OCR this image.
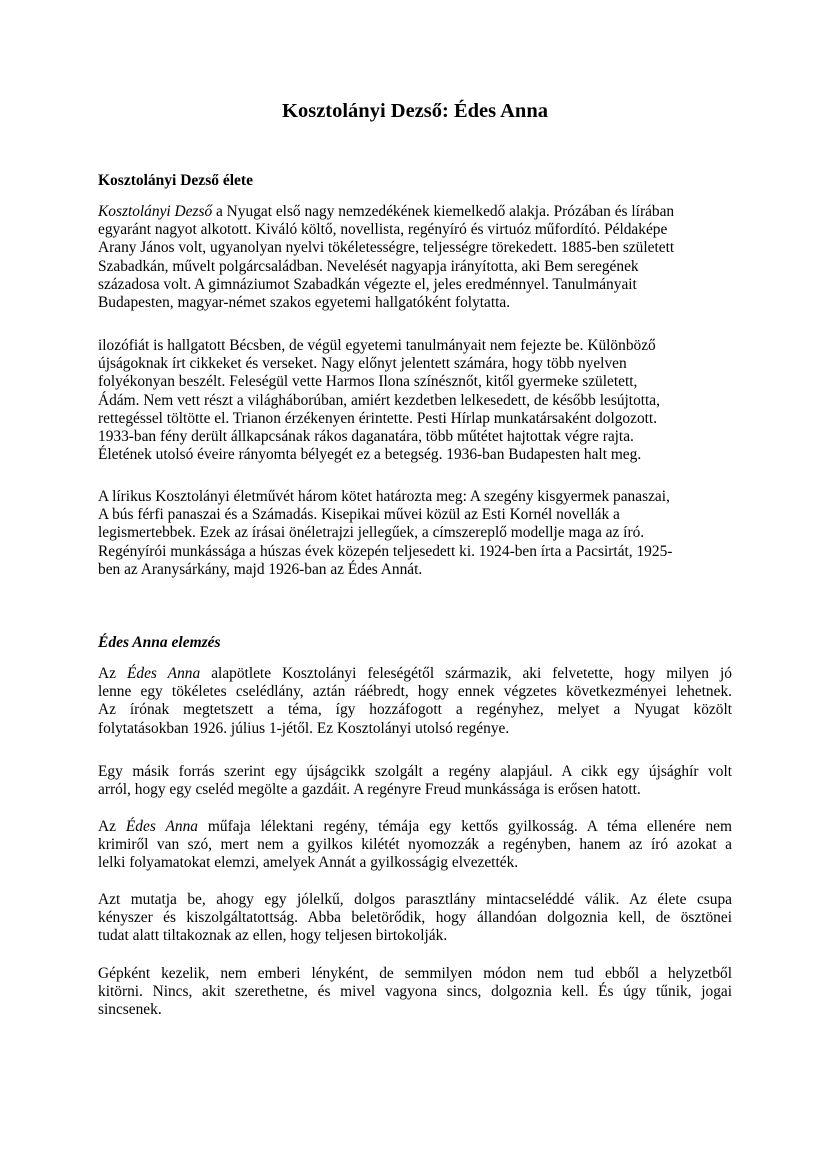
Kosztolányi Dezső: Édes Anna
Kosztolányi Dezső élete
Kosztolányi Dezső a Nyugat első nagy nemzedékének kiemelkedő alakja. Prózában és lírában
egyaránt nagyot alkotott. Kiváló költő, novellista, regényíró és virtuóz műfordító. Példaképe
Arany János volt, ugyanolyan nyelvi tökéletességre, teljességre törekedett. 1885-ben született
Szabadkán, művelt polgárcsaládban. Nevelését nagyapja irányította, aki Bem seregének
századosa volt. A gimnáziumot Szabadkán végezte el, jeles eredménnyel. Tanulmányait
Budapesten, magyar-német szakos egyetemi hallgatóként folytatta.
ilozófiát is hallgatott Bécsben, de végül egyetemi tanulmányait nem fejezte be. Különböző
újságoknak írt cikkeket és verseket. Nagy előnyt jelentett számára, hogy több nyelven
folyékonyan beszélt. Feleségül vette Harmos Ilona színésznőt, kitől gyermeke született,
Ádám. Nem vett részt a világháborúban, amiért kezdetben lelkesedett, de később lesújtotta,
rettegéssel töltötte el. Trianon érzékenyen érintette. Pesti Hírlap munkatársaként dolgozott.
1933-ban fény derült állkapcsának rákos daganatára, több műtétet hajtottak végre rajta.
Életének utolsó éveire rányomta bélyegét ez a betegség. 1936-ban Budapesten halt meg.
A lírikus Kosztolányi életművét három kötet határozta meg: A szegény kisgyermek panaszai,
A bús férfi panaszai és a Számadás. Kisepikai művei közül az Esti Kornél novellák a
legismertebbek. Ezek az írásai önéletrajzi jellegűek, a címszereplő modellje maga az író.
Regényírói munkássága a húszas évek közepén teljesedett ki. 1924-ben írta a Pacsirtát, 1925-
ben az Aranysárkány, majd 1926-ban az Édes Annát.
Édes Anna elemzés
Az Édes Anna alapötlete Kosztolányi feleségétől származik, aki felvetette, hogy milyen jó
lenne egy tökéletes cselédlány, aztán ráébredt, hogy ennek végzetes következményei lehetnek.
Az írónak megtetszett a téma, így hozzáfogott a regényhez, melyet a Nyugat közölt
folytatásokban 1926. július 1-jétől. Ez Kosztolányi utolsó regénye.
Egy másik forrás szerint egy újságcikk szolgált a regény alapjául. A cikk egy újsághír volt
arról, hogy egy cseléd megölte a gazdáit. A regényre Freud munkássága is erősen hatott.
Az Édes Anna műfaja lélektani regény, témája egy kettős gyilkosság. A téma ellenére nem
krimiről van szó, mert nem a gyilkos kilétét nyomozzák a regényben, hanem az író azokat a
lelki folyamatokat elemzi, amelyek Annát a gyilkosságig elvezették.
Azt mutatja be, ahogy egy jólelkű, dolgos parasztlány mintacseléddé válik. Az élete csupa
kényszer és kiszolgáltatottság. Abba beletörődik, hogy állandóan dolgoznia kell, de ösztönei
tudat alatt tiltakoznak az ellen, hogy teljesen birtokolják.
Gépként kezelik, nem emberi lényként, de semmilyen módon nem tud ebből a helyzetből
kitörni. Nincs, akit szerethetne, és mivel vagyona sincs, dolgoznia kell. És úgy tűnik, jogai
sincsenek.
